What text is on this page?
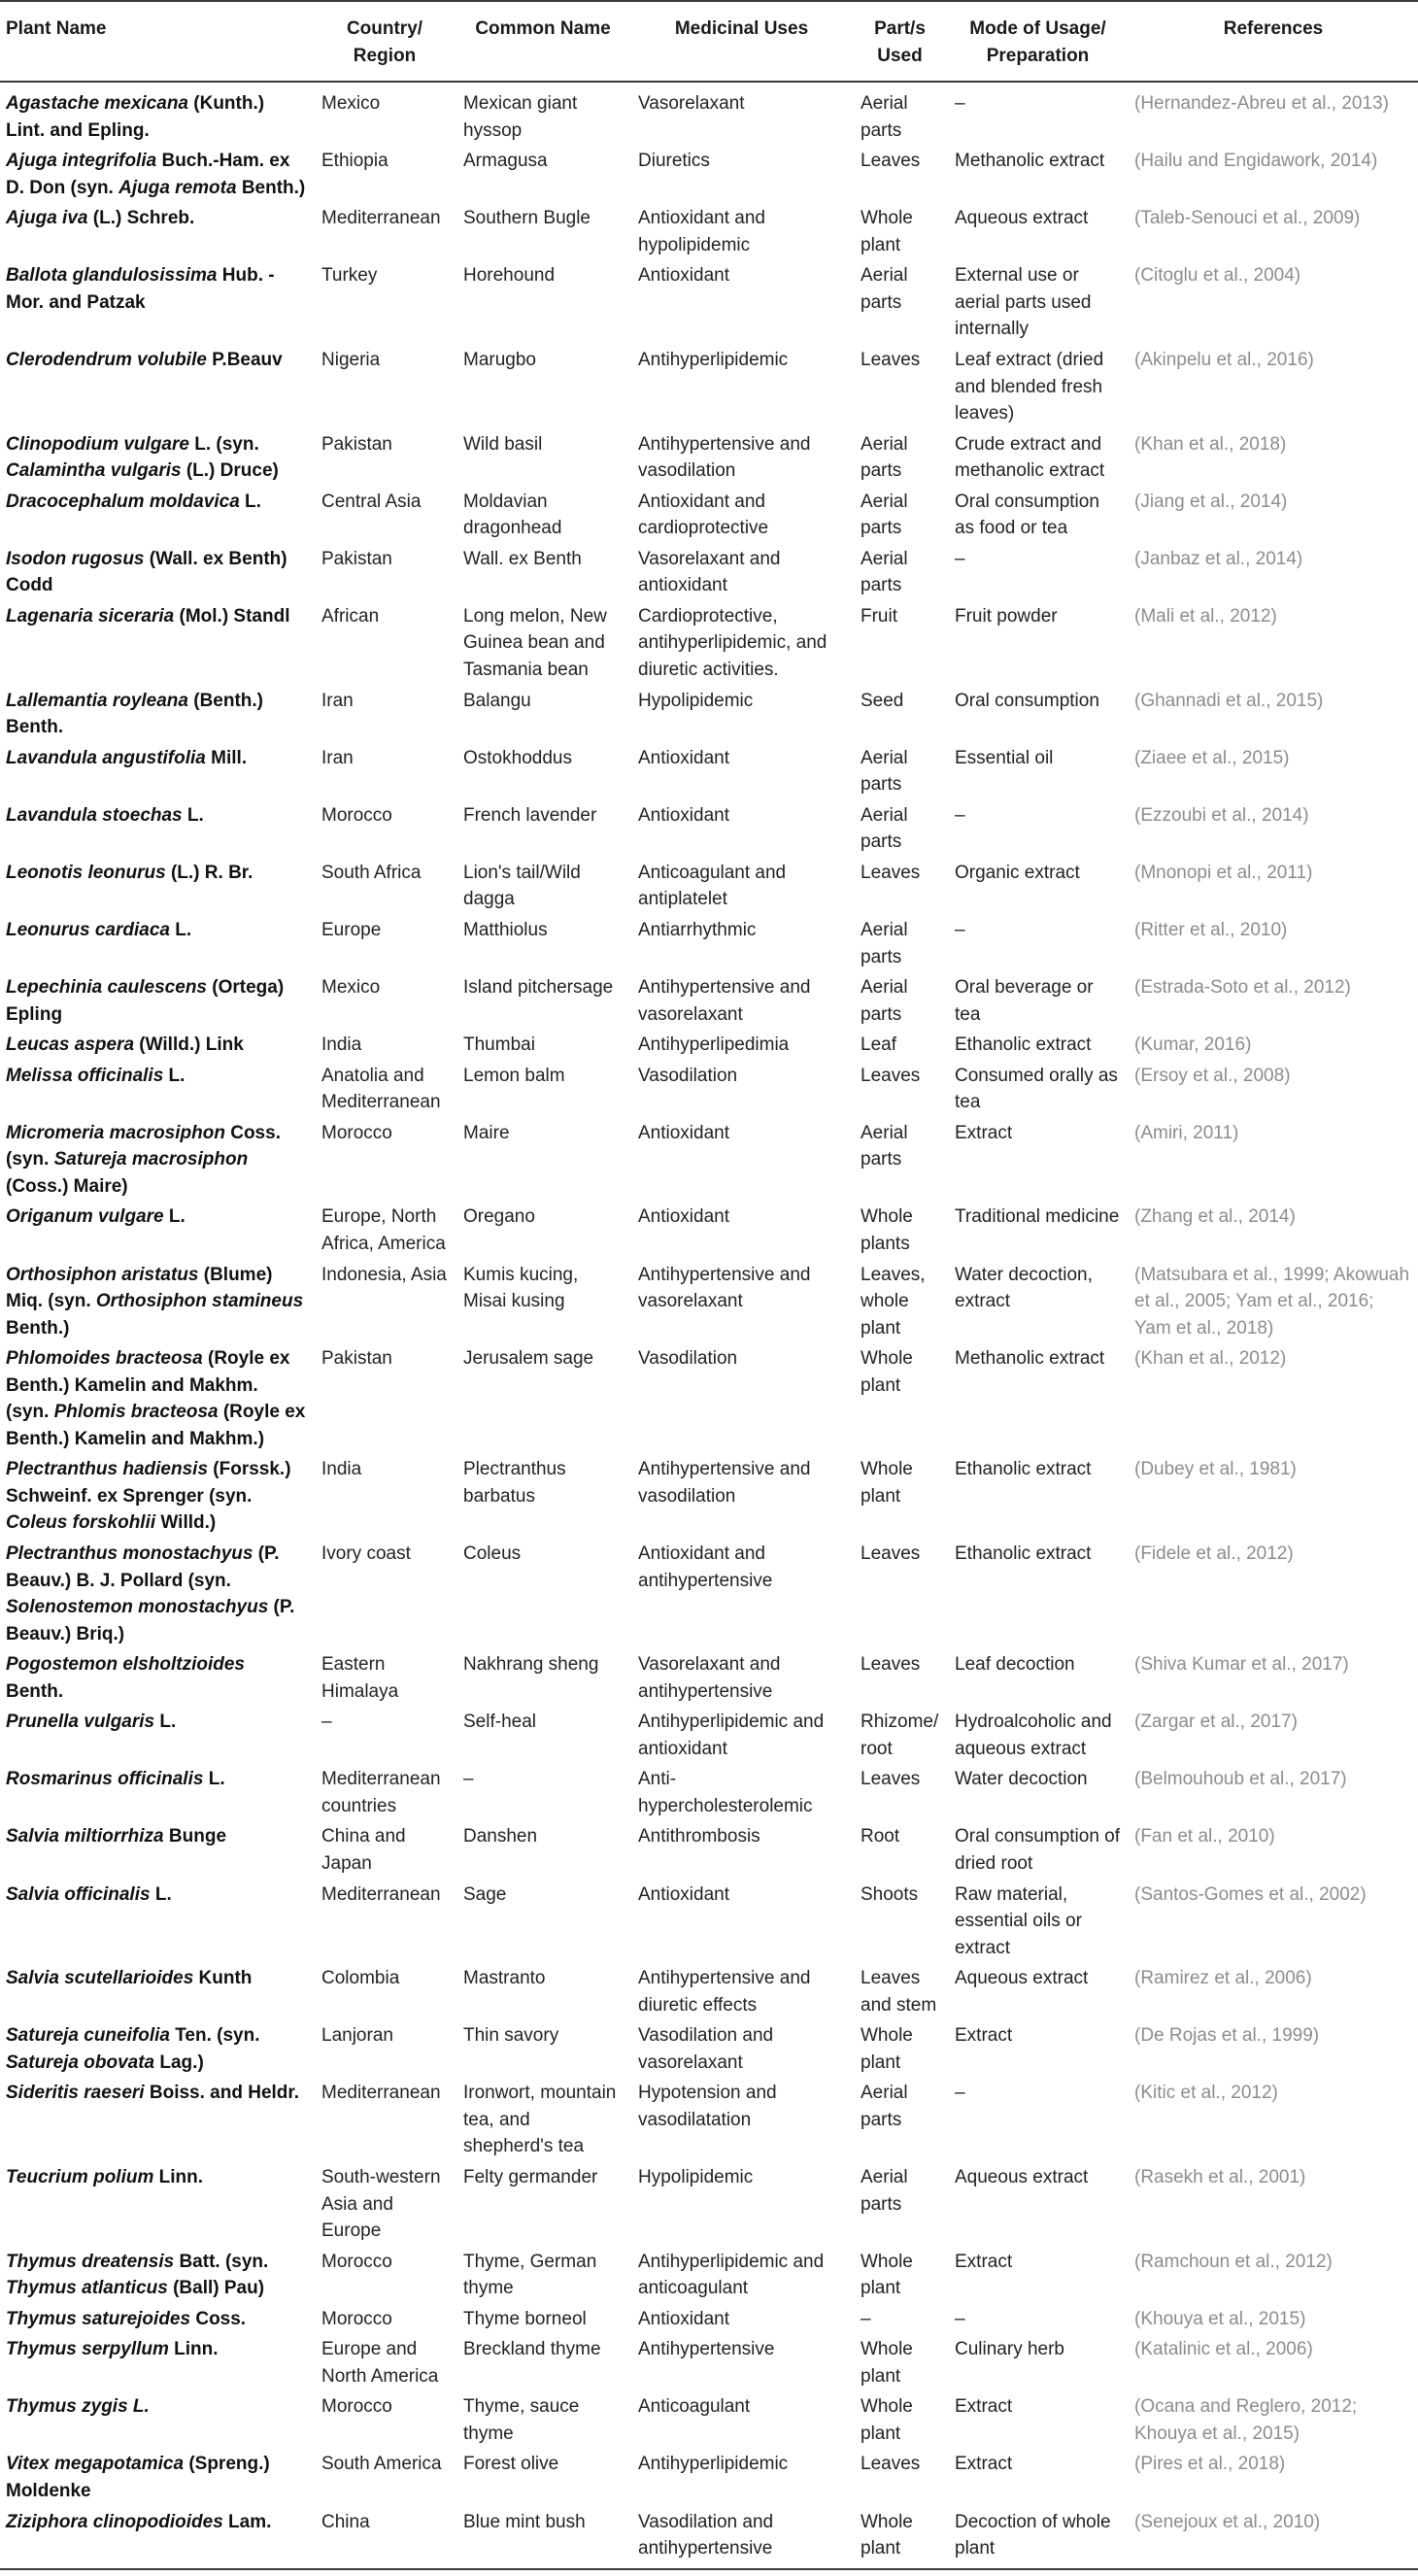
Plant Name	Country/ Region	Common Name	Medicinal Uses	Part/s Used	Mode of Usage/ Preparation	References
Agastache mexicana (Kunth.) Lint. and Epling.	Mexico	Mexican giant hyssop	Vasorelaxant	Aerial parts	–	(Hernandez-Abreu et al., 2013)
Ajuga integrifolia Buch.-Ham. ex D. Don (syn. Ajuga remota Benth.)	Ethiopia	Armagusa	Diuretics	Leaves	Methanolic extract	(Hailu and Engidawork, 2014)
Ajuga iva (L.) Schreb.	Mediterranean	Southern Bugle	Antioxidant and hypolipidemic	Whole plant	Aqueous extract	(Taleb-Senouci et al., 2009)
Ballota glandulosissima Hub. -Mor. and Patzak	Turkey	Horehound	Antioxidant	Aerial parts	External use or aerial parts used internally	(Citoglu et al., 2004)
Clerodendrum volubile P.Beauv	Nigeria	Marugbo	Antihyperlipidemic	Leaves	Leaf extract (dried and blended fresh leaves)	(Akinpelu et al., 2016)
Clinopodium vulgare L. (syn. Calamintha vulgaris (L.) Druce)	Pakistan	Wild basil	Antihypertensive and vasodilation	Aerial parts	Crude extract and methanolic extract	(Khan et al., 2018)
Dracocephalum moldavica L.	Central Asia	Moldavian dragonhead	Antioxidant and cardioprotective	Aerial parts	Oral consumption as food or tea	(Jiang et al., 2014)
Isodon rugosus (Wall. ex Benth) Codd	Pakistan	Wall. ex Benth	Vasorelaxant and antioxidant	Aerial parts	–	(Janbaz et al., 2014)
Lagenaria siceraria (Mol.) Standl	African	Long melon, New Guinea bean and Tasmania bean	Cardioprotective, antihyperlipidemic, and diuretic activities.	Fruit	Fruit powder	(Mali et al., 2012)
Lallemantia royleana (Benth.) Benth.	Iran	Balangu	Hypolipidemic	Seed	Oral consumption	(Ghannadi et al., 2015)
Lavandula angustifolia Mill.	Iran	Ostokhoddus	Antioxidant	Aerial parts	Essential oil	(Ziaee et al., 2015)
Lavandula stoechas L.	Morocco	French lavender	Antioxidant	Aerial parts	–	(Ezzoubi et al., 2014)
Leonotis leonurus (L.) R. Br.	South Africa	Lion's tail/Wild dagga	Anticoagulant and antiplatelet	Leaves	Organic extract	(Mnonopi et al., 2011)
Leonurus cardiaca L.	Europe	Matthiolus	Antiarrhythmic	Aerial parts	–	(Ritter et al., 2010)
Lepechinia caulescens (Ortega) Epling	Mexico	Island pitchersage	Antihypertensive and vasorelaxant	Aerial parts	Oral beverage or tea	(Estrada-Soto et al., 2012)
Leucas aspera (Willd.) Link	India	Thumbai	Antihyperlipedimia	Leaf	Ethanolic extract	(Kumar, 2016)
Melissa officinalis L.	Anatolia and Mediterranean	Lemon balm	Vasodilation	Leaves	Consumed orally as tea	(Ersoy et al., 2008)
Micromeria macrosiphon Coss. (syn. Satureja macrosiphon (Coss.) Maire)	Morocco	Maire	Antioxidant	Aerial parts	Extract	(Amiri, 2011)
Origanum vulgare L.	Europe, North Africa, America	Oregano	Antioxidant	Whole plants	Traditional medicine	(Zhang et al., 2014)
Orthosiphon aristatus (Blume) Miq. (syn. Orthosiphon stamineus Benth.)	Indonesia, Asia	Kumis kucing, Misai kusing	Antihypertensive and vasorelaxant	Leaves, whole plant	Water decoction, extract	(Matsubara et al., 1999; Akowuah et al., 2005; Yam et al., 2016; Yam et al., 2018)
Phlomoides bracteosa (Royle ex Benth.) Kamelin and Makhm. (syn. Phlomis bracteosa (Royle ex Benth.) Kamelin and Makhm.)	Pakistan	Jerusalem sage	Vasodilation	Whole plant	Methanolic extract	(Khan et al., 2012)
Plectranthus hadiensis (Forssk.) Schweinf. ex Sprenger (syn. Coleus forskohlii Willd.)	India	Plectranthus barbatus	Antihypertensive and vasodilation	Whole plant	Ethanolic extract	(Dubey et al., 1981)
Plectranthus monostachyus (P. Beauv.) B. J. Pollard (syn. Solenostemon monostachyus (P. Beauv.) Briq.)	Ivory coast	Coleus	Antioxidant and antihypertensive	Leaves	Ethanolic extract	(Fidele et al., 2012)
Pogostemon elsholtzioides Benth.	Eastern Himalaya	Nakhrang sheng	Vasorelaxant and antihypertensive	Leaves	Leaf decoction	(Shiva Kumar et al., 2017)
Prunella vulgaris L.	–	Self-heal	Antihyperlipidemic and antioxidant	Rhizome/ root	Hydroalcoholic and aqueous extract	(Zargar et al., 2017)
Rosmarinus officinalis L.	Mediterranean countries	–	Anti-hypercholesterolemic	Leaves	Water decoction	(Belmouhoub et al., 2017)
Salvia miltiorrhiza Bunge	China and Japan	Danshen	Antithrombosis	Root	Oral consumption of dried root	(Fan et al., 2010)
Salvia officinalis L.	Mediterranean	Sage	Antioxidant	Shoots	Raw material, essential oils or extract	(Santos-Gomes et al., 2002)
Salvia scutellarioides Kunth	Colombia	Mastranto	Antihypertensive and diuretic effects	Leaves and stem	Aqueous extract	(Ramirez et al., 2006)
Satureja cuneifolia Ten. (syn. Satureja obovata Lag.)	Lanjoran	Thin savory	Vasodilation and vasorelaxant	Whole plant	Extract	(De Rojas et al., 1999)
Sideritis raeseri Boiss. and Heldr.	Mediterranean	Ironwort, mountain tea, and shepherd's tea	Hypotension and vasodilatation	Aerial parts	–	(Kitic et al., 2012)
Teucrium polium Linn.	South-western Asia and Europe	Felty germander	Hypolipidemic	Aerial parts	Aqueous extract	(Rasekh et al., 2001)
Thymus dreatensis Batt. (syn. Thymus atlanticus (Ball) Pau)	Morocco	Thyme, German thyme	Antihyperlipidemic and anticoagulant	Whole plant	Extract	(Ramchoun et al., 2012)
Thymus saturejoides Coss.	Morocco	Thyme borneol	Antioxidant	–	–	(Khouya et al., 2015)
Thymus serpyllum Linn.	Europe and North America	Breckland thyme	Antihypertensive	Whole plant	Culinary herb	(Katalinic et al., 2006)
Thymus zygis L.	Morocco	Thyme, sauce thyme	Anticoagulant	Whole plant	Extract	(Ocana and Reglero, 2012; Khouya et al., 2015)
Vitex megapotamica (Spreng.) Moldenke	South America	Forest olive	Antihyperlipidemic	Leaves	Extract	(Pires et al., 2018)
Ziziphora clinopodioides Lam.	China	Blue mint bush	Vasodilation and antihypertensive	Whole plant	Decoction of whole plant	(Senejoux et al., 2010)
